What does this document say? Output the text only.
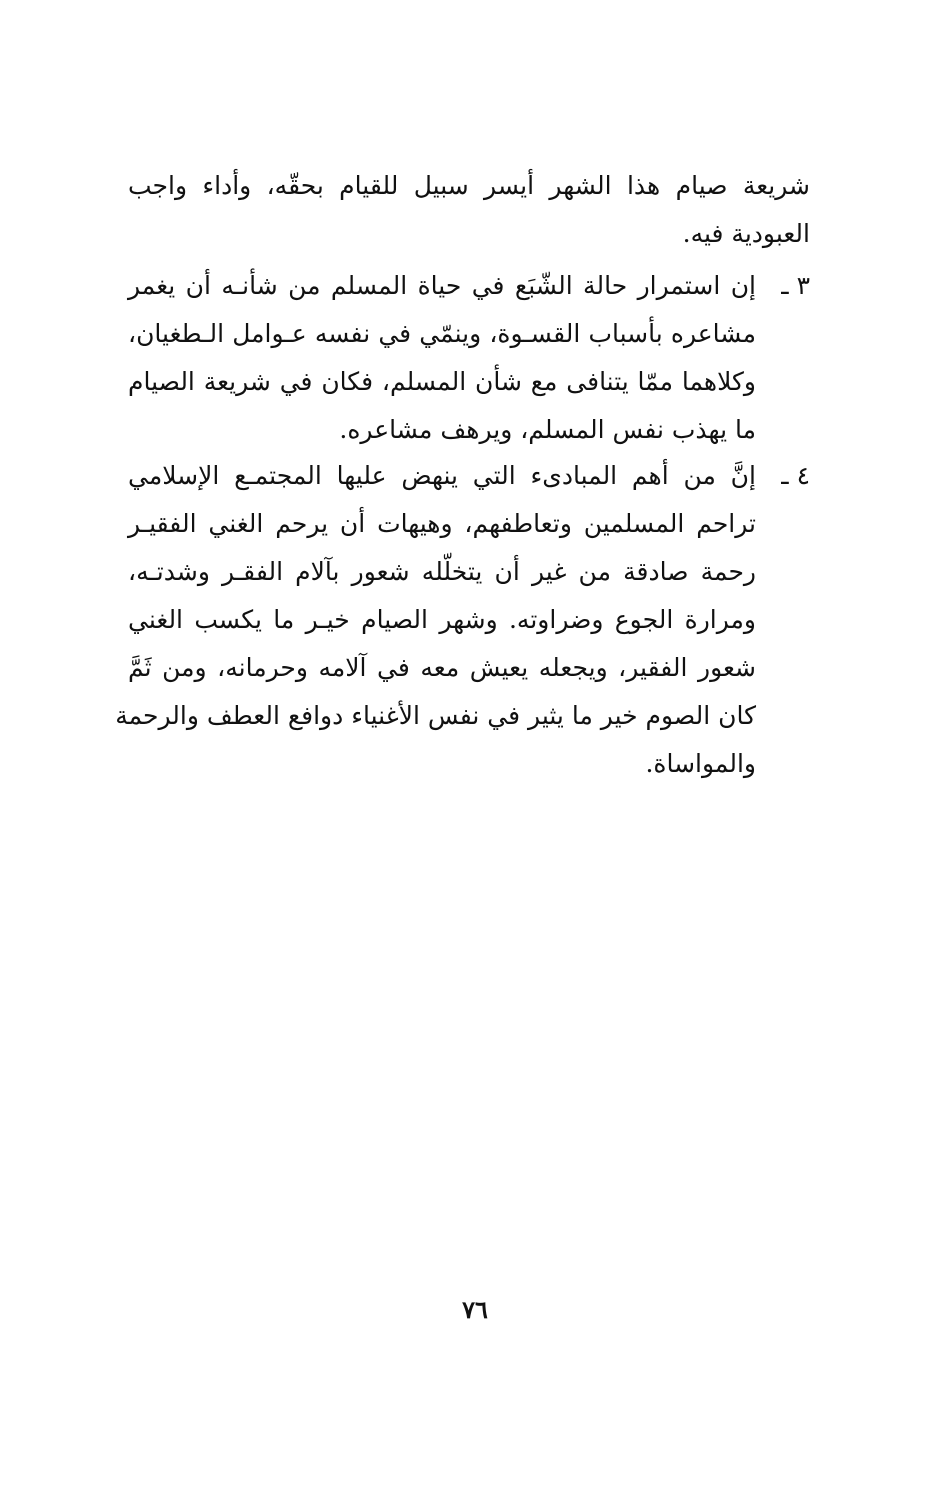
شريعة صيام هذا الشهر أيسر سبيل للقيام بحقّه، وأداء واجب
العبودية فيه.
٣ ـ
إن استمرار حالة الشّبَع في حياة المسلم من شأنـه أن يغمر
مشاعره بأسباب القسـوة، وينمّي في نفسه عـوامل الـطغيان،
وكلاهما ممّا يتنافى مع شأن المسلم، فكان في شريعة الصيام
ما يهذب نفس المسلم، ويرهف مشاعره.
٤ ـ
إنَّ من أهم المبادىء التي ينهض عليها المجتمـع الإسلامي
تراحم المسلمين وتعاطفهم، وهيهات أن يرحم الغني الفقيـر
رحمة صادقة من غير أن يتخلّله شعور بآلام الفقـر وشدتـه،
ومرارة الجوع وضراوته. وشهر الصيام خيـر ما يكسب الغني
شعور الفقير، ويجعله يعيش معه في آلامه وحرمانه، ومن ثَمَّ
كان الصوم خير ما يثير في نفس الأغنياء دوافع العطف والرحمة
والمواساة.
٧٦
